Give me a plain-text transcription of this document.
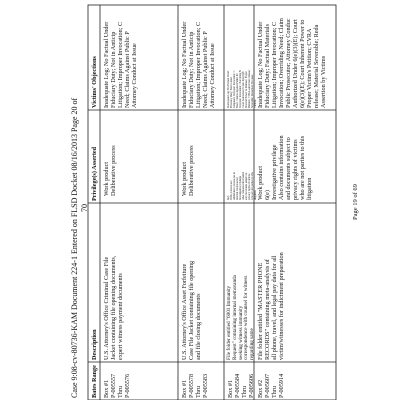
Case 9:08-cv-80736-KAM Document 224-1 Entered on FLSD Docket 08/16/2013 Page 20 of 70
Bates Range
Description
Privilege(s) Asserted
Victims' Objections
Box #1 P-005557 Thru P-005576
U.S. Attorney's Office Criminal Case File Jacket containing file opening documents, expert witness payment documents
Work product Deliberative process
Inadequate Log; No Factual Under Fiduciary Duty; Not in Anticip Litigation; Improper Invocation; C Need; Claims Against Public P Attorney Conduct at Issue
Box #1 P-005578 Thru P-005583
U.S. Attorney's Office Asset Forfeiture Case File Jacket containing file opening and file closing documents
Work product Deliberative process
Inadequate Log; No Factual Under Fiduciary Duty; Not in Anticip Litigation; Improper Invocation; C Need; Claims Against Public P Attorney Conduct at Issue
Box #1 P-005584 Thru P-005606
File folder entitled "6001 Immunity Request" containing internal memoranda seeking witness immunity correspondence with counsel for witness regarding same
6(e) Work product and deliberative process (as to internal memoranda) Investigative privilege Also contains information and documents subject to privacy rights of victims who are not parties to this litigation
Inadequate Log; No Factual Under Fiduciary Duty; Not in Antic Litigation; Improper Invocation; C Need; Claims Against Public Pe Improper Invocation; Overriding N Court Authorized Under 6(e)(3)(E Inherent Power to Release; Proper Petition; CVRA-authorized release; Severable; Redaction; No Asse Victims
Box #2 P-005607 Thru P-005914
File folder entitled "MASTER PHONE RECORDS" containing meta-analysis of all phone, travel, and legal pay data for all victim/witnesses for indictment preparation
Work product 6(e) Investigative privilege Also contains information and documents subject to privacy rights of victims who are not parties to this litigation
Inadequate Log; No Factual Under Fiduciary Duty; Factual Materials Litigation; Improper Invocation; C Invocation; Overriding Need; Claim Public Prosecutor; Attorney Conduc Authorized Under 6(e)(3)(E); Court 6(e)(3)(E); Court Inherent Power to Proper Victim's Petition; CVRA release; Material Severable; Reda Assertion by Victims
Page 19 of 69
